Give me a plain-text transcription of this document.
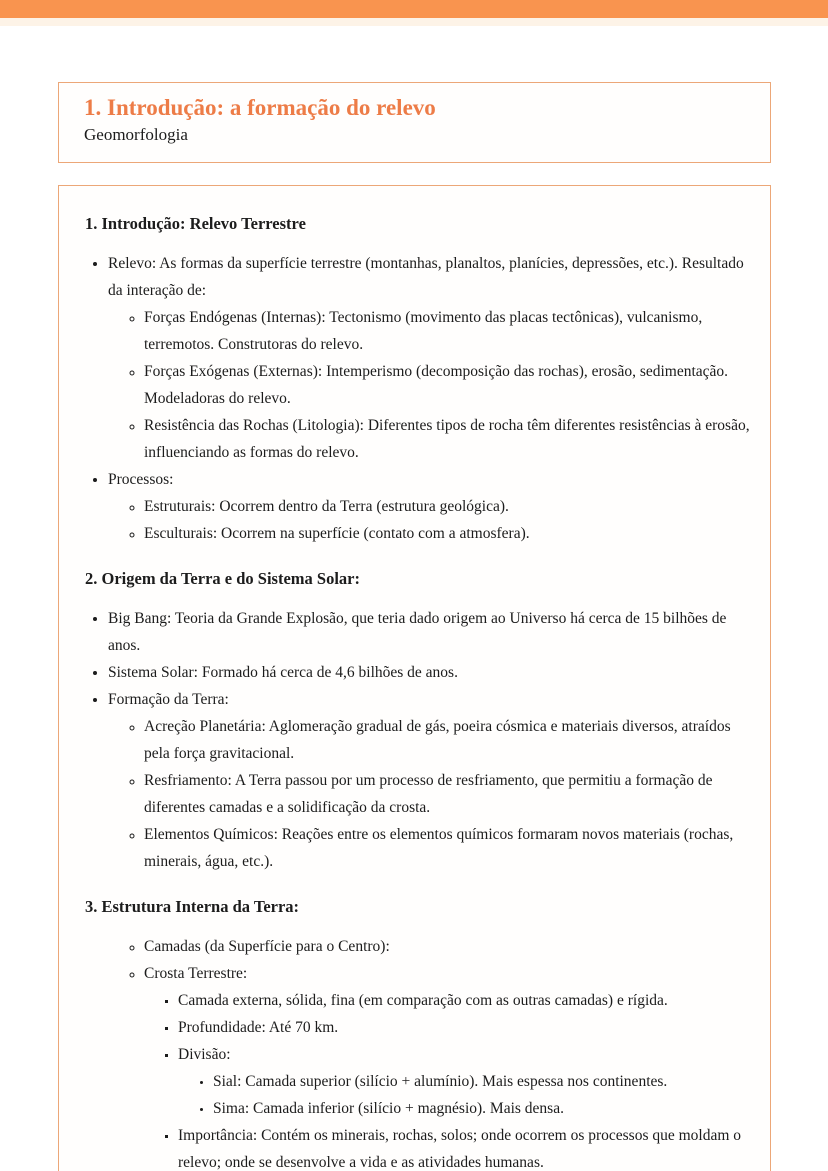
1. Introdução: a formação do relevo
Geomorfologia
1. Introdução: Relevo Terrestre
• Relevo: As formas da superfície terrestre (montanhas, planaltos, planícies, depressões, etc.). Resultado da interação de:
◦ Forças Endógenas (Internas): Tectonismo (movimento das placas tectônicas), vulcanismo, terremotos. Construtoras do relevo.
◦ Forças Exógenas (Externas): Intemperismo (decomposição das rochas), erosão, sedimentação. Modeladoras do relevo.
◦ Resistência das Rochas (Litologia): Diferentes tipos de rocha têm diferentes resistências à erosão, influenciando as formas do relevo.
• Processos:
◦ Estruturais: Ocorrem dentro da Terra (estrutura geológica).
◦ Esculturais: Ocorrem na superfície (contato com a atmosfera).
2. Origem da Terra e do Sistema Solar:
• Big Bang: Teoria da Grande Explosão, que teria dado origem ao Universo há cerca de 15 bilhões de anos.
• Sistema Solar: Formado há cerca de 4,6 bilhões de anos.
• Formação da Terra:
◦ Acreção Planetária: Aglomeração gradual de gás, poeira cósmica e materiais diversos, atraídos pela força gravitacional.
◦ Resfriamento: A Terra passou por um processo de resfriamento, que permitiu a formação de diferentes camadas e a solidificação da crosta.
◦ Elementos Químicos: Reações entre os elementos químicos formaram novos materiais (rochas, minerais, água, etc.).
3. Estrutura Interna da Terra:
◦ Camadas (da Superfície para o Centro):
◦ Crosta Terrestre:
▪ Camada externa, sólida, fina (em comparação com as outras camadas) e rígida.
▪ Profundidade: Até 70 km.
▪ Divisão:
• Sial: Camada superior (silício + alumínio). Mais espessa nos continentes.
• Sima: Camada inferior (silício + magnésio). Mais densa.
▪ Importância: Contém os minerais, rochas, solos; onde ocorrem os processos que moldam o relevo; onde se desenvolve a vida e as atividades humanas.
